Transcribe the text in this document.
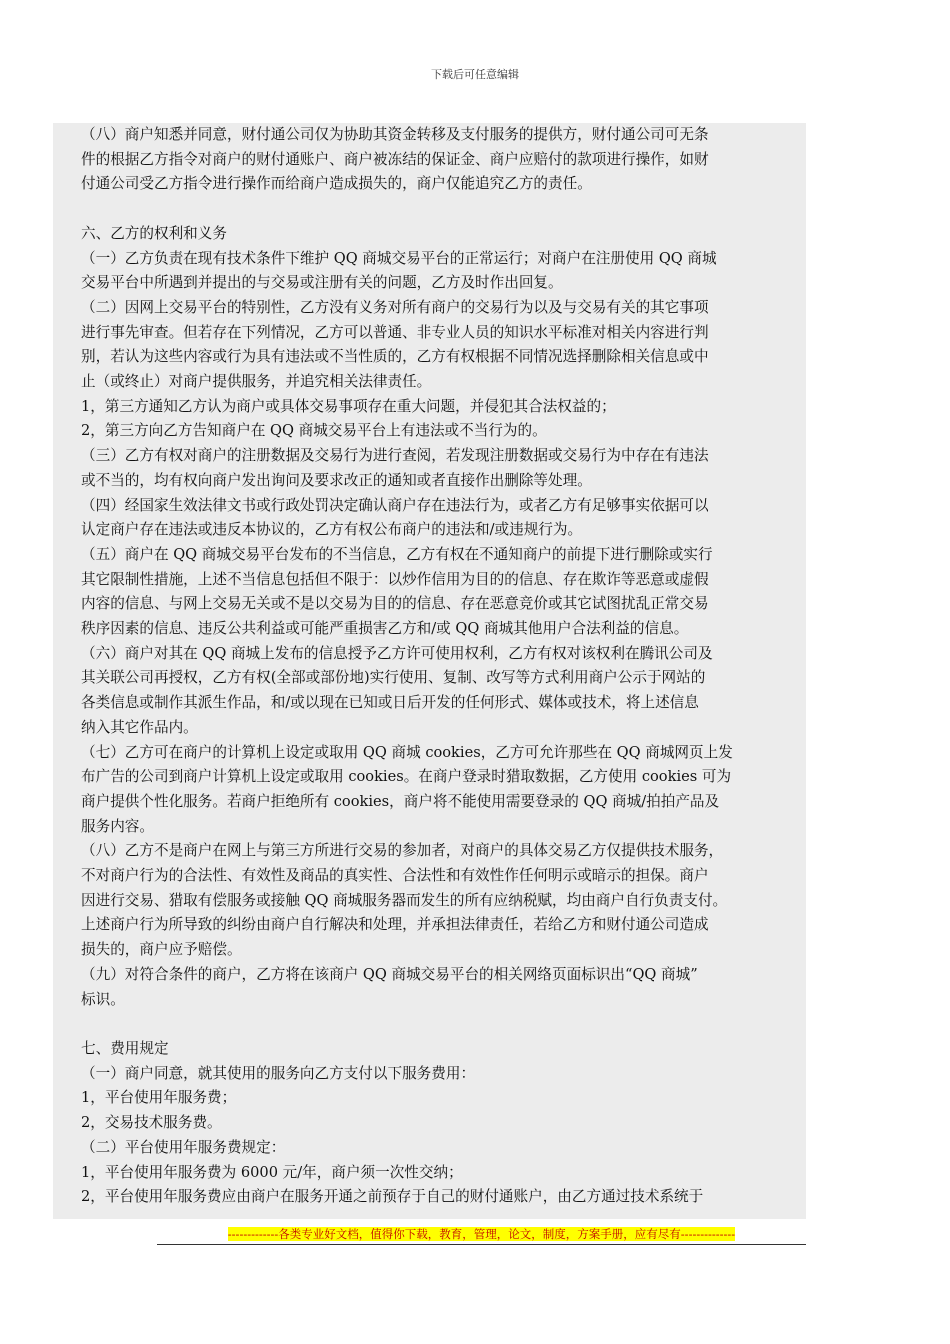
下载后可任意编辑

（八）商户知悉并同意，财付通公司仅为协助其资金转移及支付服务的提供方，财付通公司可无条

件的根据乙方指令对商户的财付通账户、商户被冻结的保证金、商户应赔付的款项进行操作，如财

付通公司受乙方指令进行操作而给商户造成损失的，商户仅能追究乙方的责任。

六、乙方的权利和义务

（一）乙方负责在现有技术条件下维护 QQ 商城交易平台的正常运行；对商户在注册使用 QQ 商城

交易平台中所遇到并提出的与交易或注册有关的问题，乙方及时作出回复。

（二）因网上交易平台的特别性，乙方没有义务对所有商户的交易行为以及与交易有关的其它事项

进行事先审查。但若存在下列情况，乙方可以普通、非专业人员的知识水平标准对相关内容进行判

别，若认为这些内容或行为具有违法或不当性质的，乙方有权根据不同情况选择删除相关信息或中

止（或终止）对商户提供服务，并追究相关法律责任。

1，第三方通知乙方认为商户或具体交易事项存在重大问题，并侵犯其合法权益的；

2，第三方向乙方告知商户在 QQ 商城交易平台上有违法或不当行为的。

（三）乙方有权对商户的注册数据及交易行为进行查阅，若发现注册数据或交易行为中存在有违法

或不当的，均有权向商户发出询问及要求改正的通知或者直接作出删除等处理。

（四）经国家生效法律文书或行政处罚决定确认商户存在违法行为，或者乙方有足够事实依据可以

认定商户存在违法或违反本协议的，乙方有权公布商户的违法和/或违规行为。

（五）商户在 QQ 商城交易平台发布的不当信息，乙方有权在不通知商户的前提下进行删除或实行

其它限制性措施，上述不当信息包括但不限于：以炒作信用为目的的信息、存在欺诈等恶意或虚假

内容的信息、与网上交易无关或不是以交易为目的的信息、存在恶意竞价或其它试图扰乱正常交易

秩序因素的信息、违反公共利益或可能严重损害乙方和/或 QQ 商城其他用户合法利益的信息。

（六）商户对其在 QQ 商城上发布的信息授予乙方许可使用权利，乙方有权对该权利在腾讯公司及

其关联公司再授权，乙方有权(全部或部份地)实行使用、复制、改写等方式利用商户公示于网站的

各类信息或制作其派生作品，和/或以现在已知或日后开发的任何形式、媒体或技术，将上述信息

纳入其它作品内。

（七）乙方可在商户的计算机上设定或取用 QQ 商城 cookies，乙方可允许那些在 QQ 商城网页上发

布广告的公司到商户计算机上设定或取用 cookies。在商户登录时猎取数据，乙方使用 cookies 可为

商户提供个性化服务。若商户拒绝所有 cookies，商户将不能使用需要登录的 QQ 商城/拍拍产品及

服务内容。

（八）乙方不是商户在网上与第三方所进行交易的参加者，对商户的具体交易乙方仅提供技术服务，

不对商户行为的合法性、有效性及商品的真实性、合法性和有效性作任何明示或暗示的担保。商户

因进行交易、猎取有偿服务或接触 QQ 商城服务器而发生的所有应纳税赋，均由商户自行负责支付。

上述商户行为所导致的纠纷由商户自行解决和处理，并承担法律责任，若给乙方和财付通公司造成

损失的，商户应予赔偿。

（九）对符合条件的商户，乙方将在该商户 QQ 商城交易平台的相关网络页面标识出“QQ 商城”

标识。

七、费用规定

（一）商户同意，就其使用的服务向乙方支付以下服务费用：

1，平台使用年服务费；

2，交易技术服务费。

（二）平台使用年服务费规定：

1，平台使用年服务费为 6000 元/年，商户须一次性交纳；

2，平台使用年服务费应由商户在服务开通之前预存于自己的财付通账户，由乙方通过技术系统于

-------------各类专业好文档，值得你下载，教育，管理，论文，制度，方案手册，应有尽有--------------
